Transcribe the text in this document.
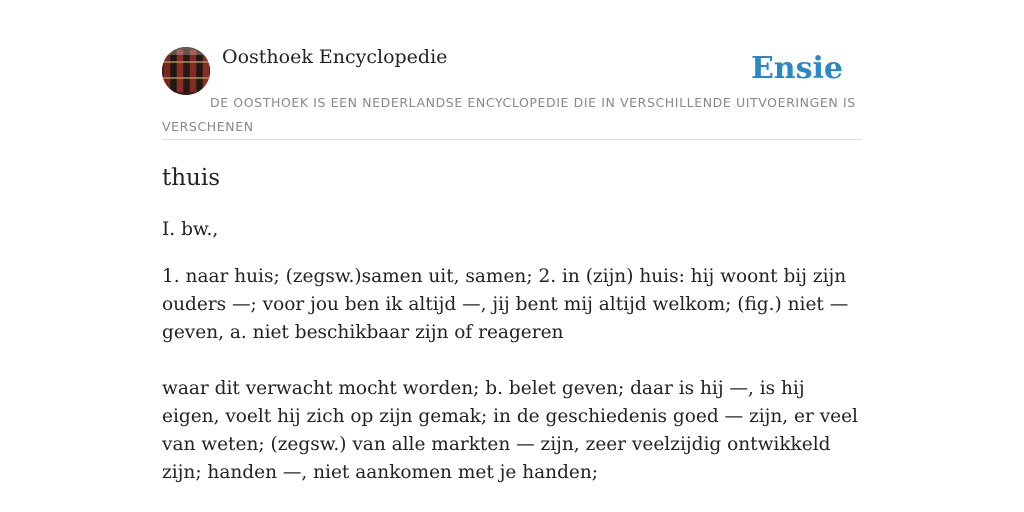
Oosthoek Encyclopedie	Ensie
DE OOSTHOEK IS EEN NEDERLANDSE ENCYCLOPEDIE DIE IN VERSCHILLENDE UITVOERINGEN IS VERSCHENEN
thuis

I. bw.,

1. naar huis; (zegsw.)samen uit, samen; 2. in (zijn) huis: hij woont bij zijn ouders —; voor jou ben ik altijd —, jij bent mij altijd welkom; (fig.) niet — geven, a. niet beschikbaar zijn of reageren

waar dit verwacht mocht worden; b. belet geven; daar is hij —, is hij eigen, voelt hij zich op zijn gemak; in de geschiedenis goed — zijn, er veel van weten; (zegsw.) van alle markten — zijn, zeer veelzijdig ontwikkeld zijn; handen —, niet aankomen met je handen;
